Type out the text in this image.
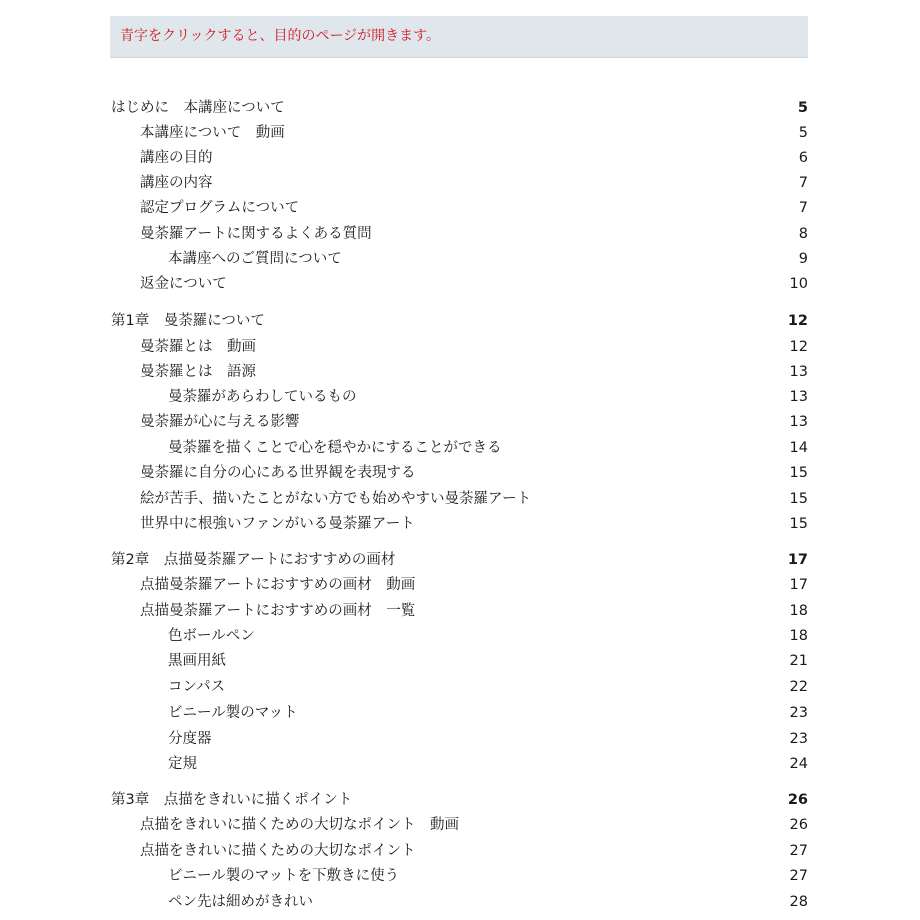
青字をクリックすると、目的のページが開きます。
はじめに　本講座について	5
本講座について　動画	5
講座の目的	6
講座の内容	7
認定プログラムについて	7
曼荼羅アートに関するよくある質問	8
本講座へのご質問について	9
返金について	10
第1章　曼荼羅について	12
曼荼羅とは　動画	12
曼荼羅とは　語源	13
曼荼羅があらわしているもの	13
曼荼羅が心に与える影響	13
曼荼羅を描くことで心を穏やかにすることができる	14
曼荼羅に自分の心にある世界観を表現する	15
絵が苦手、描いたことがない方でも始めやすい曼荼羅アート	15
世界中に根強いファンがいる曼荼羅アート	15
第2章　点描曼荼羅アートにおすすめの画材	17
点描曼荼羅アートにおすすめの画材　動画	17
点描曼荼羅アートにおすすめの画材　一覧	18
色ボールペン	18
黒画用紙	21
コンパス	22
ビニール製のマット	23
分度器	23
定規	24
第3章　点描をきれいに描くポイント	26
点描をきれいに描くための大切なポイント　動画	26
点描をきれいに描くための大切なポイント	27
ビニール製のマットを下敷きに使う	27
ペン先は細めがきれい	28
